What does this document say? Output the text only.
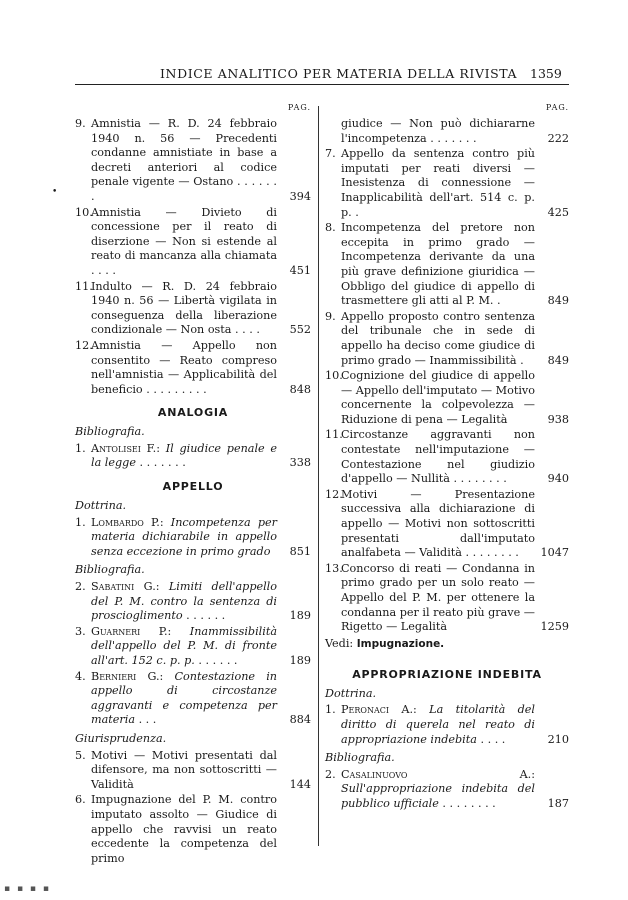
INDICE ANALITICO PER MATERIA DELLA RIVISTA 1359
•
PAG.
9. Amnistia — R. D. 24 febbraio 1940 n. 56 — Precedenti condanne amnistiate in base a decreti anteriori al codice penale vigente — Ostano . . . . . . .	394
10.
Amnistia — Divieto di concessione per il reato di diserzione — Non si estende al reato di mancanza alla chiamata . . . .	451
11.
Indulto — R. D. 24 febbraio 1940 n. 56 — Libertà vigilata in conseguenza della liberazione condizionale — Non osta . . . .	552
12.
Amnistia — Appello non consentito — Reato compreso nell'amnistia — Applicabilità del beneficio . . . . . . . . .	848
ANALOGIA
Bibliografia.
1. Antolisei F.: Il giudice penale e la legge . . . . . . .	338
APPELLO
Dottrina.
1. Lombardo P.: Incompetenza per materia dichiarabile in appello senza eccezione in primo grado	851
Bibliografia.
2. Sabatini G.: Limiti dell'appello del P. M. contro la sentenza di proscioglimento . . . . . .	189
3. Guarneri P.: Inammissibilità dell'appello del P. M. di fronte all'art. 152 c. p. p. . . . . . .	189
4. Bernieri G.: Contestazione in appello di circostanze aggravanti e competenza per materia . . .	884
Giurisprudenza.
5. Motivi — Motivi presentati dal difensore, ma non sottoscritti — Validità	144
6. Impugnazione del P. M. contro imputato assolto — Giudice di appello che ravvisi un reato eccedente la competenza del primo
PAG.
giudice — Non può dichiararne l'incompetenza . . . . . . .	222
7. Appello da sentenza contro più imputati per reati diversi — Inesistenza di connessione — Inapplicabilità dell'art. 514 c. p. p. .	425
8. Incompetenza del pretore non eccepita in primo grado — Incompetenza derivante da una più grave definizione giuridica — Obbligo del giudice di appello di trasmettere gli atti al P. M. .	849
9. Appello proposto contro sentenza del tribunale che in sede di appello ha deciso come giudice di primo grado — Inammissibilità .	849
10.
Cognizione del giudice di appello — Appello dell'imputato — Motivo concernente la colpevolezza — Riduzione di pena — Legalità	938
11.
Circostanze aggravanti non contestate nell'imputazione — Contestazione nel giudizio d'appello — Nullità . . . . . . . .	940
12.
Motivi — Presentazione successiva alla dichiarazione di appello — Motivi non sottoscritti presentati dall'imputato analfabeta — Validità . . . . . . . .	1047
13.
Concorso di reati — Condanna in primo grado per un solo reato — Appello del P. M. per ottenere la condanna per il reato più grave — Rigetto — Legalità	1259
Vedi: Impugnazione.
APPROPRIAZIONE INDEBITA
Dottrina.
1. Peronaci A.: La titolarità del diritto di querela nel reato di appropriazione indebita . . . .	210
Bibliografia.
2. Casalinuovo A.: Sull'appropriazione indebita del pubblico ufficiale . . . . . . . .	187
▪ ▪ ▪ ▪
